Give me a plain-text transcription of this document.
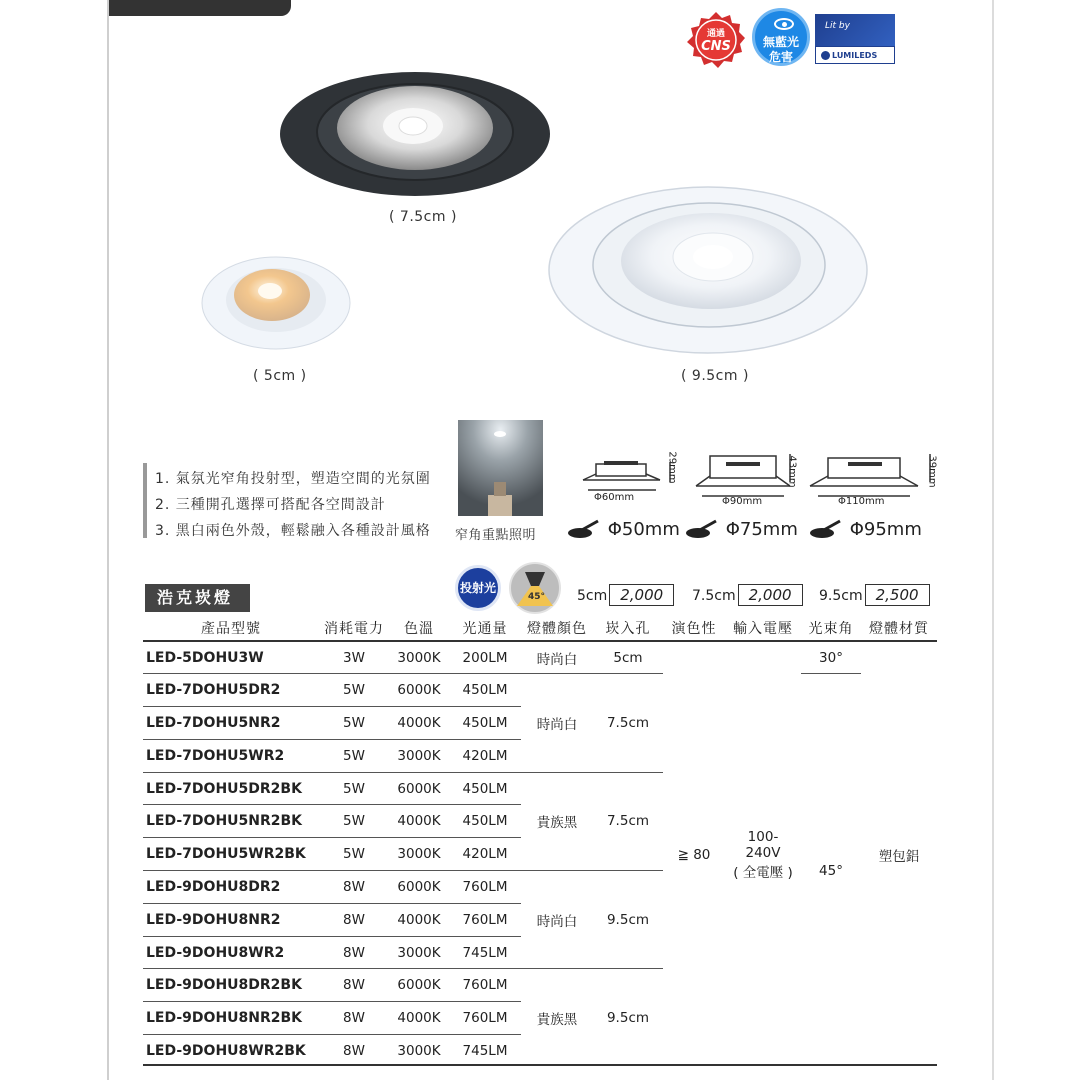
通過
CNS	無藍光
危害
Lit by
LUMILEDS
( 7.5cm )
( 5cm )	( 9.5cm )
1. 氣氛光窄角投射型，塑造空間的光氛圍
2. 三種開孔選擇可搭配各空間設計
3. 黑白兩色外殼，輕鬆融入各種設計風格 窄角重點照明
Φ60mm
29mm
Φ90mm
43mm
Φ110mm
39mm
Φ50mm	Φ75mm	Φ95mm
浩克崁燈	投射光
45° 5cm 2,000	7.5cm 2,000	9.5cm 2,500
產品型號	消耗電力	色溫	光通量	燈體顏色	崁入孔	演色性	輸入電壓	光束角	燈體材質
LED-5DOHU3W	3W	3000K	200LM	時尚白	5cm	≧ 80	100-
240V
( 全電壓 )	30°	塑包鋁
LED-7DOHU5DR2	5W	6000K	450LM	時尚白	7.5cm			45°	
LED-7DOHU5NR2	5W	4000K	450LM						
LED-7DOHU5WR2	5W	3000K	420LM						
LED-7DOHU5DR2BK	5W	6000K	450LM	貴族黑	7.5cm				
LED-7DOHU5NR2BK	5W	4000K	450LM						
LED-7DOHU5WR2BK	5W	3000K	420LM						
LED-9DOHU8DR2	8W	6000K	760LM	時尚白	9.5cm				
LED-9DOHU8NR2	8W	4000K	760LM						
LED-9DOHU8WR2	8W	3000K	745LM						
LED-9DOHU8DR2BK	8W	6000K	760LM	貴族黑	9.5cm				
LED-9DOHU8NR2BK	8W	4000K	760LM						
LED-9DOHU8WR2BK	8W	3000K	745LM						
